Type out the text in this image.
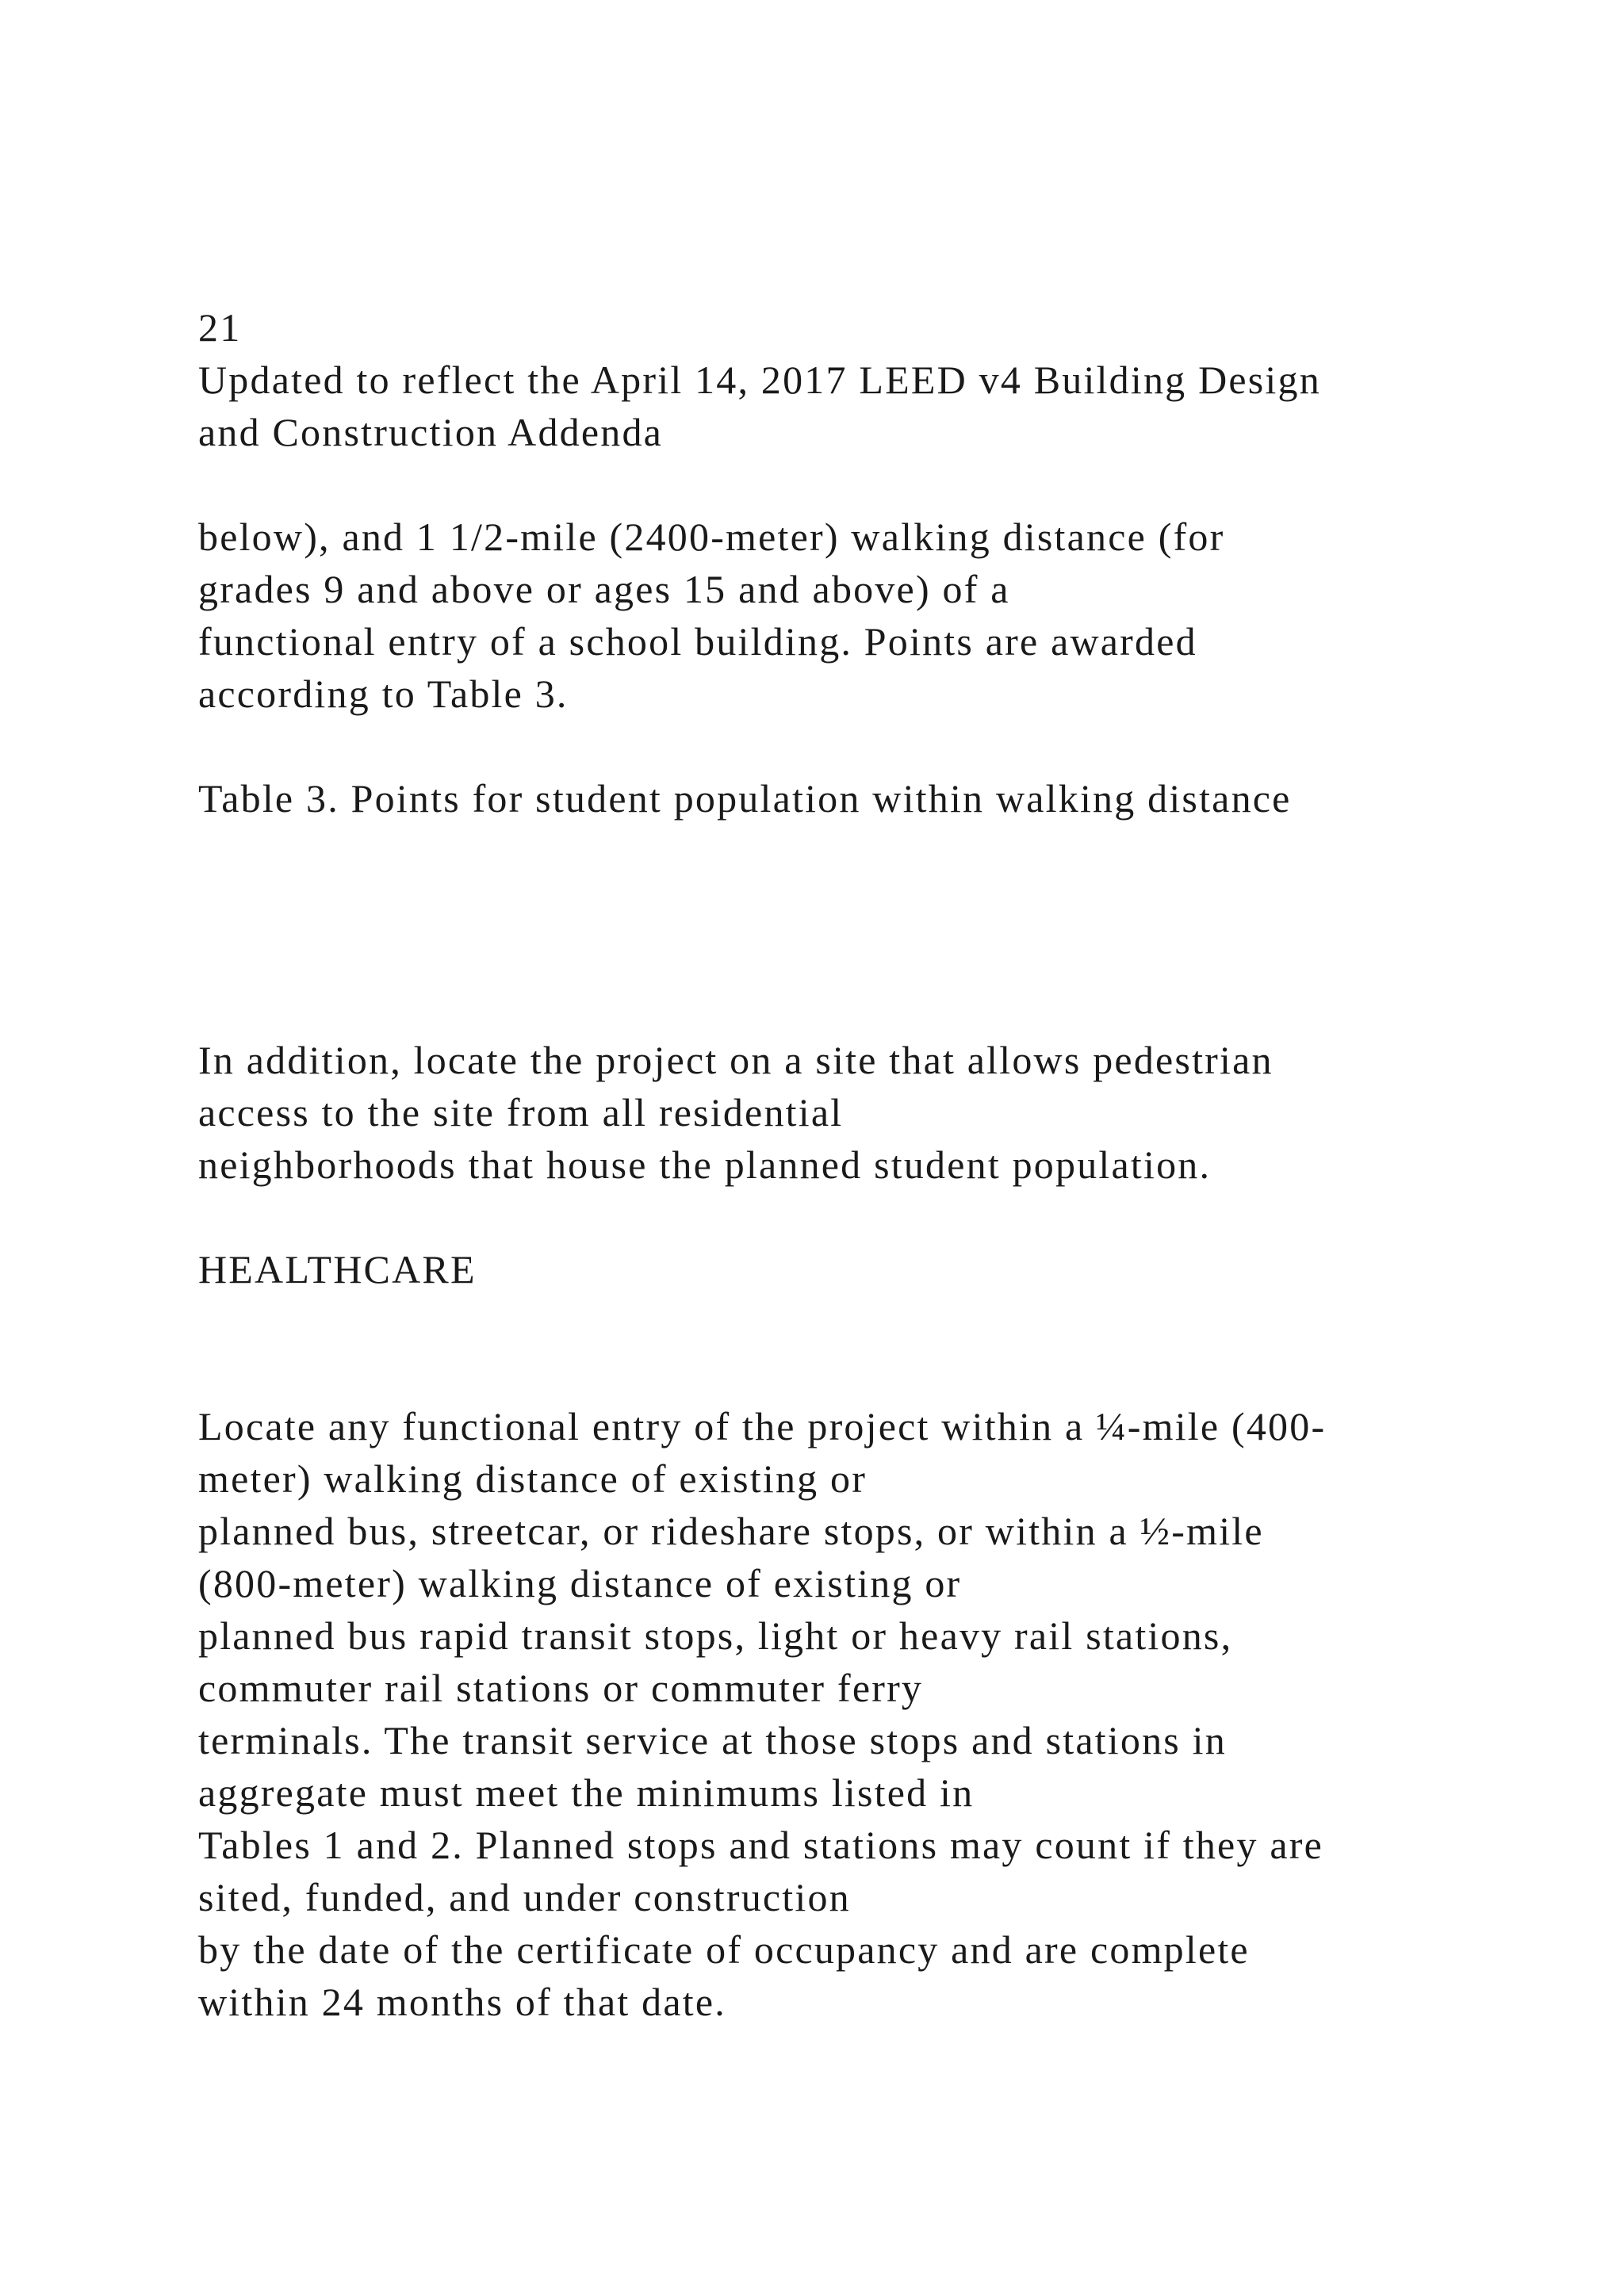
21
Updated to reflect the April 14, 2017 LEED v4 Building Design
and Construction Addenda
below), and 1 1/2-mile (2400-meter) walking distance (for
grades 9 and above or ages 15 and above) of a
functional entry of a school building. Points are awarded
according to Table 3.
Table 3. Points for student population within walking distance
In addition, locate the project on a site that allows pedestrian
access to the site from all residential
neighborhoods that house the planned student population.
HEALTHCARE
Locate any functional entry of the project within a ¼-mile (400-
meter) walking distance of existing or
planned bus, streetcar, or rideshare stops, or within a ½-mile
(800-meter) walking distance of existing or
planned bus rapid transit stops, light or heavy rail stations,
commuter rail stations or commuter ferry
terminals. The transit service at those stops and stations in
aggregate must meet the minimums listed in
Tables 1 and 2. Planned stops and stations may count if they are
sited, funded, and under construction
by the date of the certificate of occupancy and are complete
within 24 months of that date.
